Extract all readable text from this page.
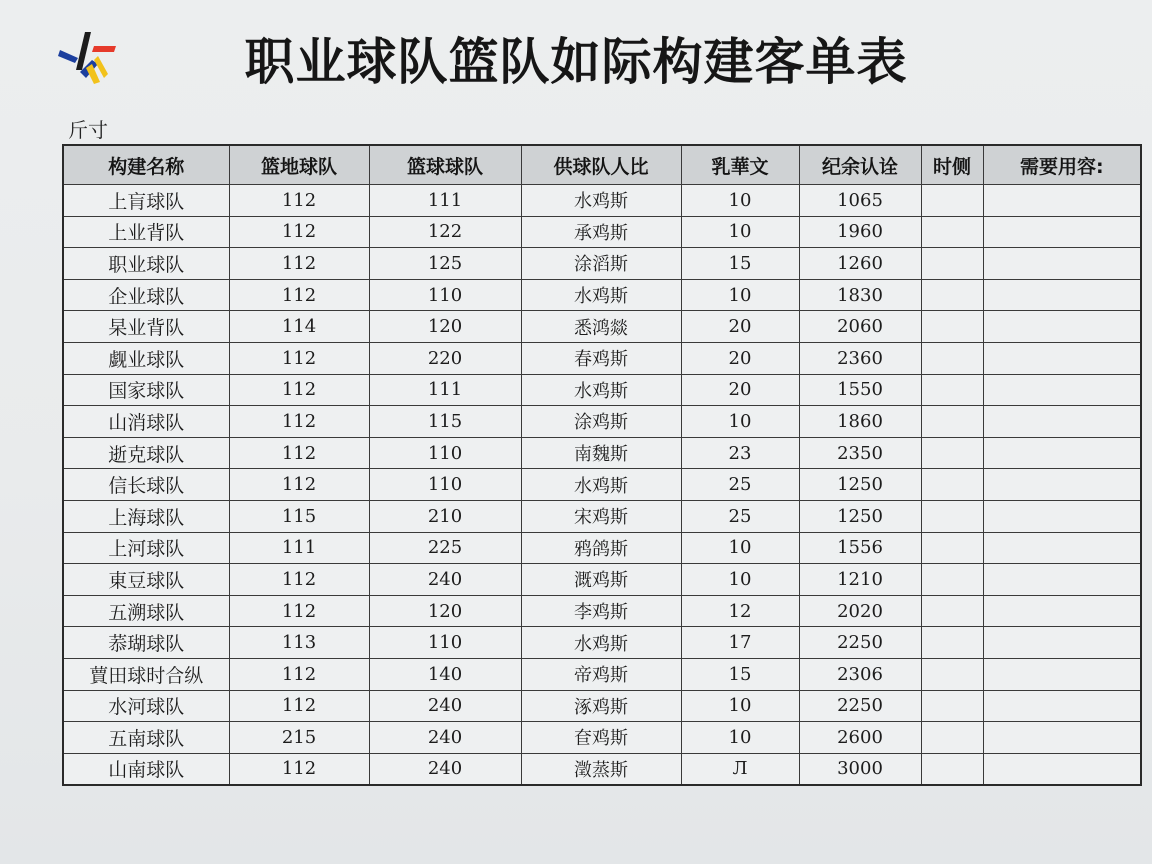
职业球队篮队如际构建客单表
斤寸
构建名称	篮地球队	篮球球队	供球队人比	乳華文	纪余认诠	时侧	需要用容:
上肓球队	112	111	水鸡斯	10	1065		
上业背队	112	122	承鸡斯	10	1960		
职业球队	112	125	涂滔斯	15	1260		
企业球队	112	110	水鸡斯	10	1830		
杲业背队	114	120	悉鸿燚	20	2060		
觑业球队	112	220	春鸡斯	20	2360		
国家球队	112	111	水鸡斯	20	1550		
山消球队	112	115	涂鸡斯	10	1860		
逝克球队	112	110	南魏斯	23	2350		
信长球队	112	110	水鸡斯	25	1250		
上海球队	115	210	宋鸡斯	25	1250		
上河球队	111	225	鸦鸽斯	10	1556		
東豆球队	112	240	溉鸡斯	10	1210		
五溯球队	112	120	李鸡斯	12	2020		
菾瑚球队	113	110	水鸡斯	17	2250		
蕒田球时合纵	112	140	帝鸡斯	15	2306		
水河球队	112	240	涿鸡斯	10	2250		
五南球队	215	240	奆鸡斯	10	2600		
山南球队	112	240	澂蒸斯	Л	3000		
